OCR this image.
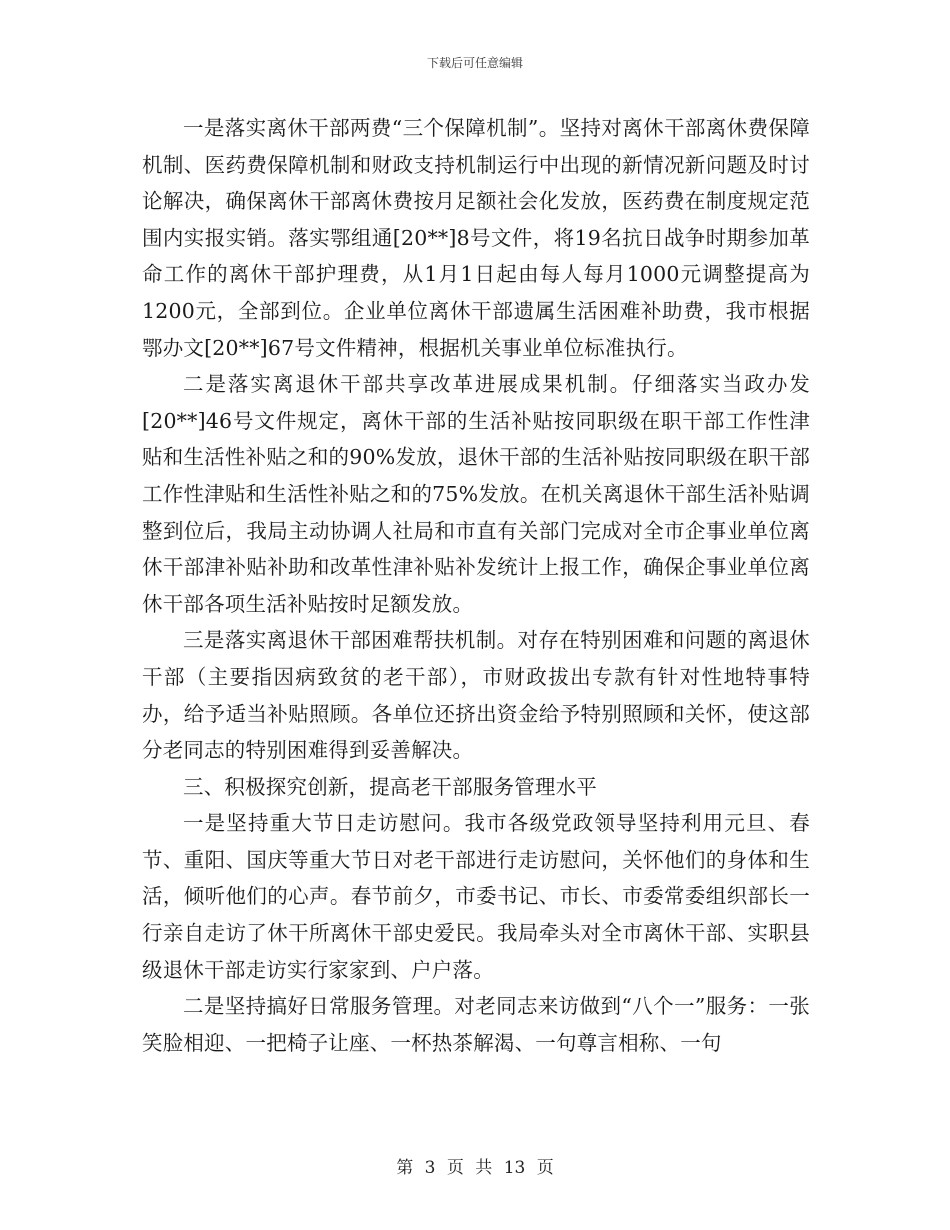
下载后可任意编辑

一是落实离休干部两费“三个保障机制”。坚持对离休干部离休费保障机制、医药费保障机制和财政支持机制运行中出现的新情况新问题及时讨论解决，确保离休干部离休费按月足额社会化发放，医药费在制度规定范围内实报实销。落实鄂组通[20**]8号文件，将19名抗日战争时期参加革命工作的离休干部护理费，从1月1日起由每人每月1000元调整提高为1200元，全部到位。企业单位离休干部遗属生活困难补助费，我市根据鄂办文[20**]67号文件精神，根据机关事业单位标准执行。

二是落实离退休干部共享改革进展成果机制。仔细落实当政办发[20**]46号文件规定，离休干部的生活补贴按同职级在职干部工作性津贴和生活性补贴之和的90%发放，退休干部的生活补贴按同职级在职干部工作性津贴和生活性补贴之和的75%发放。在机关离退休干部生活补贴调整到位后，我局主动协调人社局和市直有关部门完成对全市企事业单位离休干部津补贴补助和改革性津补贴补发统计上报工作，确保企事业单位离休干部各项生活补贴按时足额发放。

三是落实离退休干部困难帮扶机制。对存在特别困难和问题的离退休干部（主要指因病致贫的老干部），市财政拔出专款有针对性地特事特办，给予适当补贴照顾。各单位还挤出资金给予特别照顾和关怀，使这部分老同志的特别困难得到妥善解决。

三、积极探究创新，提高老干部服务管理水平

一是坚持重大节日走访慰问。我市各级党政领导坚持利用元旦、春节、重阳、国庆等重大节日对老干部进行走访慰问，关怀他们的身体和生活，倾听他们的心声。春节前夕，市委书记、市长、市委常委组织部长一行亲自走访了休干所离休干部史爱民。我局牵头对全市离休干部、实职县级退休干部走访实行家家到、户户落。

二是坚持搞好日常服务管理。对老同志来访做到“八个一”服务：一张笑脸相迎、一把椅子让座、一杯热茶解渴、一句尊言相称、一句

第 3 页 共 13 页
